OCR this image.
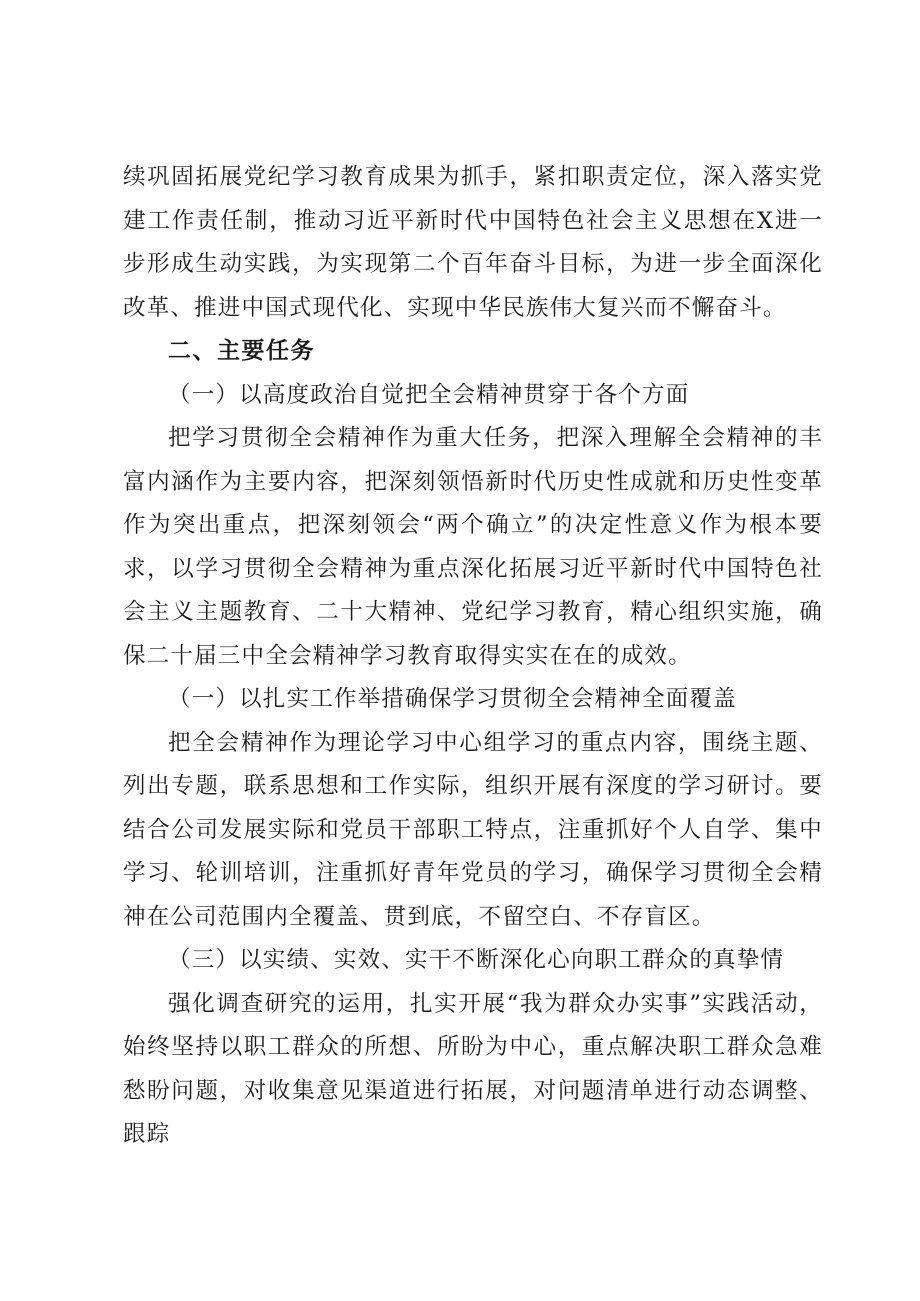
续巩固拓展党纪学习教育成果为抓手，紧扣职责定位，深入落实党建工作责任制，推动习近平新时代中国特色社会主义思想在X进一步形成生动实践，为实现第二个百年奋斗目标，为进一步全面深化改革、推进中国式现代化、实现中华民族伟大复兴而不懈奋斗。

二、主要任务

（一）以高度政治自觉把全会精神贯穿于各个方面

把学习贯彻全会精神作为重大任务，把深入理解全会精神的丰富内涵作为主要内容，把深刻领悟新时代历史性成就和历史性变革作为突出重点，把深刻领会“两个确立”的决定性意义作为根本要求，以学习贯彻全会精神为重点深化拓展习近平新时代中国特色社会主义主题教育、二十大精神、党纪学习教育，精心组织实施，确保二十届三中全会精神学习教育取得实实在在的成效。

（一）以扎实工作举措确保学习贯彻全会精神全面覆盖

把全会精神作为理论学习中心组学习的重点内容，围绕主题、列出专题，联系思想和工作实际，组织开展有深度的学习研讨。要结合公司发展实际和党员干部职工特点，注重抓好个人自学、集中学习、轮训培训，注重抓好青年党员的学习，确保学习贯彻全会精神在公司范围内全覆盖、贯到底，不留空白、不存盲区。

（三）以实绩、实效、实干不断深化心向职工群众的真挚情

强化调查研究的运用，扎实开展“我为群众办实事”实践活动，始终坚持以职工群众的所想、所盼为中心，重点解决职工群众急难愁盼问题，对收集意见渠道进行拓展，对问题清单进行动态调整、跟踪
